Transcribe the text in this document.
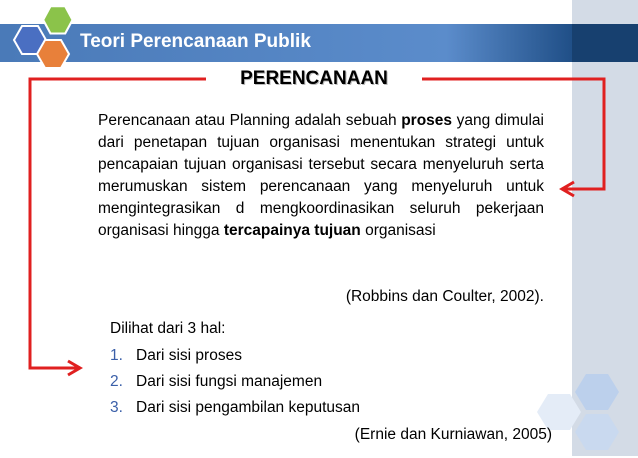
Teori Perencanaan Publik
PERENCANAAN
Perencanaan atau Planning adalah sebuah proses yang dimulai dari penetapan tujuan organisasi menentukan strategi untuk pencapaian tujuan organisasi tersebut secara menyeluruh serta merumuskan sistem perencanaan yang menyeluruh untuk mengintegrasikan d mengkoordinasikan seluruh pekerjaan organisasi hingga tercapainya tujuan organisasi
(Robbins dan Coulter, 2002).
Dilihat dari 3 hal:
1. Dari sisi proses
2. Dari sisi fungsi manajemen
3. Dari sisi pengambilan keputusan
(Ernie dan Kurniawan, 2005)
